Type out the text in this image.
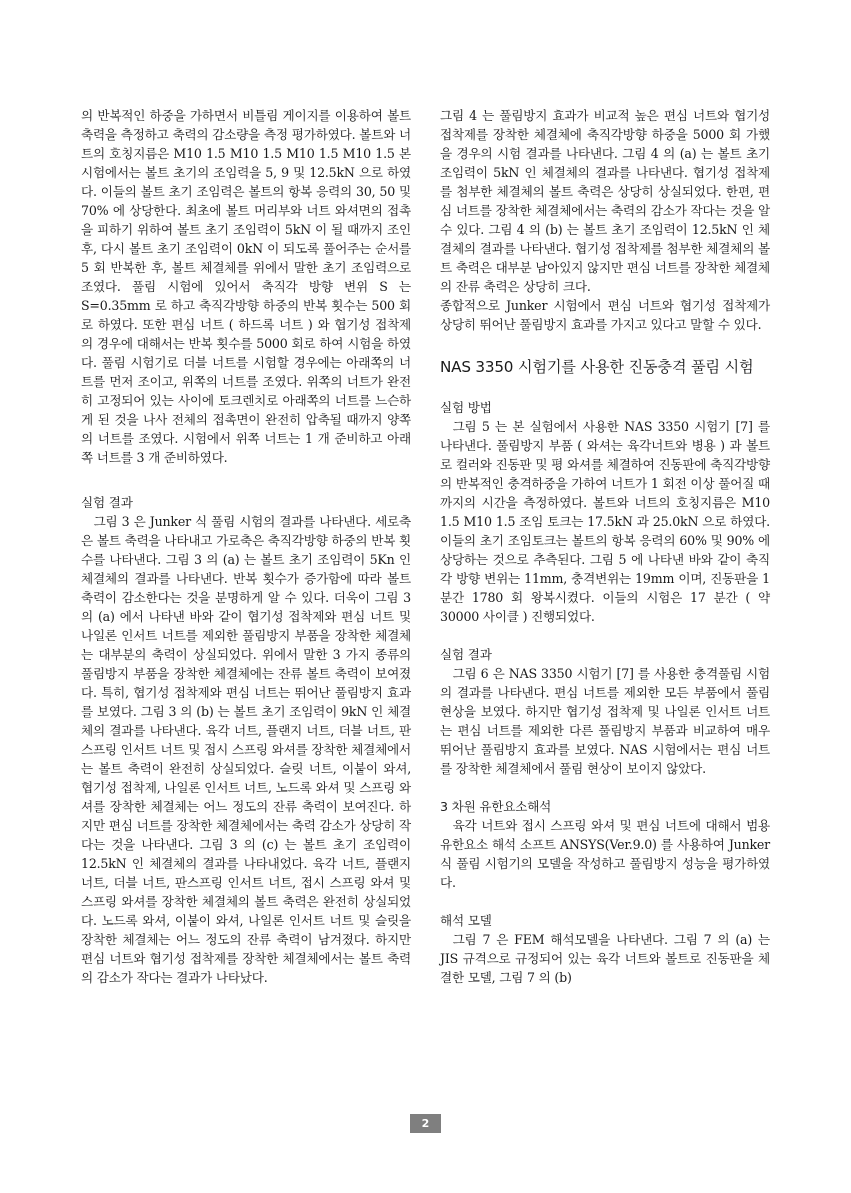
의 반복적인 하중을 가하면서 비틀림 게이지를 이용하여 볼트 축력을 측정하고 축력의 감소량을 측정 평가하였다. 볼트와 너트의 호칭지름은 M10 1.5 M10 1.5 M10 1.5 M10 1.5 본 시험에서는 볼트 초기의 조임력을 5, 9 및 12.5kN 으로 하였다. 이들의 볼트 초기 조임력은 볼트의 항복 응력의 30, 50 및 70% 에 상당한다. 최초에 볼트 머리부와 너트 와셔면의 접촉을 피하기 위하여 볼트 초기 조임력이 5kN 이 될 때까지 조인 후, 다시 볼트 초기 조임력이 0kN 이 되도록 풀어주는 순서를 5 회 반복한 후, 볼트 체결체를 위에서 말한 초기 조임력으로 조였다. 풀림 시험에 있어서 축직각 방향 변위 S 는 S=0.35mm 로 하고 축직각방향 하중의 반복 횟수는 500 회로 하였다. 또한 편심 너트 ( 하드록 너트 ) 와 협기성 접착제의 경우에 대해서는 반복 횟수를 5000 회로 하여 시험을 하였다. 풀림 시험기로 더블 너트를 시험할 경우에는 아래쪽의 너트를 먼저 조이고, 위쪽의 너트를 조였다. 위쪽의 너트가 완전히 고정되어 있는 사이에 토크렌치로 아래쪽의 너트를 느슨하게 된 것을 나사 전체의 접촉면이 완전히 압축될 때까지 양쪽의 너트를 조였다. 시험에서 위쪽 너트는 1 개 준비하고 아래쪽 너트를 3 개 준비하였다.

실험 결과

그림 3 은 Junker 식 풀림 시험의 결과를 나타낸다. 세로축은 볼트 축력을 나타내고 가로축은 축직각방향 하중의 반복 횟수를 나타낸다. 그림 3 의 (a) 는 볼트 초기 조임력이 5Kn 인 체결체의 결과를 나타낸다. 반복 횟수가 증가함에 따라 볼트 축력이 감소한다는 것을 분명하게 알 수 있다. 더욱이 그림 3 의 (a) 에서 나타낸 바와 같이 협기성 접착제와 편심 너트 및 나일론 인서트 너트를 제외한 풀림방지 부품을 장착한 체결체는 대부분의 축력이 상실되었다. 위에서 말한 3 가지 종류의 풀림방지 부품을 장착한 체결체에는 잔류 볼트 축력이 보여졌다. 특히, 협기성 접착제와 편심 너트는 뛰어난 풀림방지 효과를 보였다. 그림 3 의 (b) 는 볼트 초기 조임력이 9kN 인 체결체의 결과를 나타낸다. 육각 너트, 플랜지 너트, 더블 너트, 판스프링 인서트 너트 및 접시 스프링 와셔를 장착한 체결체에서는 볼트 축력이 완전히 상실되었다. 슬릿 너트, 이붙이 와셔, 협기성 접착제, 나일론 인서트 너트, 노드록 와셔 및 스프링 와셔를 장착한 체결체는 어느 정도의 잔류 축력이 보여진다. 하지만 편심 너트를 장착한 체결체에서는 축력 감소가 상당히 작다는 것을 나타낸다. 그림 3 의 (c) 는 볼트 초기 조임력이 12.5kN 인 체결체의 결과를 나타내었다. 육각 너트, 플랜지 너트, 더블 너트, 판스프링 인서트 너트, 접시 스프링 와셔 및 스프링 와셔를 장착한 체결체의 볼트 축력은 완전히 상실되었다. 노드록 와셔, 이붙이 와셔, 나일론 인서트 너트 및 슬릿을 장착한 체결체는 어느 정도의 잔류 축력이 남겨졌다. 하지만 편심 너트와 협기성 접착제를 장착한 체결체에서는 볼트 축력의 감소가 작다는 결과가 나타났다.

그림 4 는 풀림방지 효과가 비교적 높은 편심 너트와 협기성 접착제를 장착한 체결체에 축직각방향 하중을 5000 회 가했을 경우의 시험 결과를 나타낸다. 그림 4 의 (a) 는 볼트 초기 조임력이 5kN 인 체결체의 결과를 나타낸다. 협기성 접착제를 첨부한 체결체의 볼트 축력은 상당히 상실되었다. 한편, 편심 너트를 장착한 체결체에서는 축력의 감소가 작다는 것을 알 수 있다. 그림 4 의 (b) 는 볼트 초기 조임력이 12.5kN 인 체결체의 결과를 나타낸다. 협기성 접착제를 첨부한 체결체의 볼트 축력은 대부분 남아있지 않지만 편심 너트를 장착한 체결체의 잔류 축력은 상당히 크다.

종합적으로 Junker 시험에서 편심 너트와 협기성 접착제가 상당히 뛰어난 풀림방지 효과를 가지고 있다고 말할 수 있다.

NAS 3350 시험기를 사용한 진동충격 풀림 시험

실험 방법

그림 5 는 본 실험에서 사용한 NAS 3350 시험기 [7] 를 나타낸다. 풀림방지 부품 ( 와셔는 육각너트와 병용 ) 과 볼트로 컬러와 진동판 및 평 와셔를 체결하여 진동판에 축직각방향의 반복적인 충격하중을 가하여 너트가 1 회전 이상 풀어질 때까지의 시간을 측정하였다. 볼트와 너트의 호칭지름은 M10 1.5 M10 1.5 조임 토크는 17.5kN 과 25.0kN 으로 하였다. 이들의 초기 조임토크는 볼트의 항복 응력의 60% 및 90% 에 상당하는 것으로 추측된다. 그림 5 에 나타낸 바와 같이 축직각 방향 변위는 11mm, 충격변위는 19mm 이며, 진동판을 1 분간 1780 회 왕복시켰다. 이들의 시험은 17 분간 ( 약 30000 사이클 ) 진행되었다.

실험 결과

그림 6 은 NAS 3350 시험기 [7] 를 사용한 충격풀림 시험의 결과를 나타낸다. 편심 너트를 제외한 모든 부품에서 풀림 현상을 보였다. 하지만 협기성 접착제 및 나일론 인서트 너트는 편심 너트를 제외한 다른 풀림방지 부품과 비교하여 매우 뛰어난 풀림방지 효과를 보였다. NAS 시험에서는 편심 너트를 장착한 체결체에서 풀림 현상이 보이지 않았다.

3 차원 유한요소해석

육각 너트와 접시 스프링 와셔 및 편심 너트에 대해서 범용 유한요소 해석 소프트 ANSYS(Ver.9.0) 를 사용하여 Junker 식 풀림 시험기의 모델을 작성하고 풀림방지 성능을 평가하였다.

해석 모델

그림 7 은 FEM 해석모델을 나타낸다. 그림 7 의 (a) 는 JIS 규격으로 규정되어 있는 육각 너트와 볼트로 진동판을 체결한 모델, 그림 7 의 (b)

2
